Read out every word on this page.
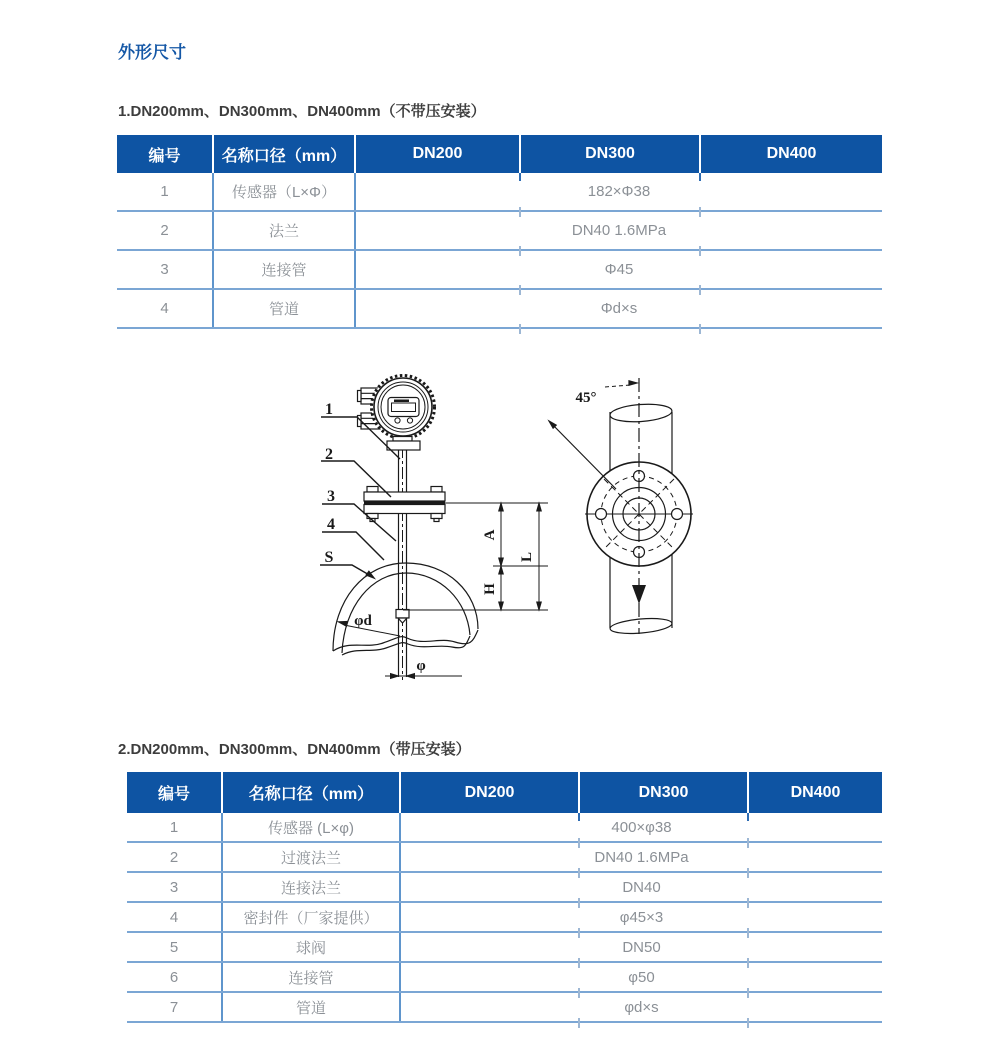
外形尺寸
1.DN200mm、DN300mm、DN400mm（不带压安装）
编号	名称口径（mm）	DN200	DN300	DN400
1	传感器（L×Φ）	182×Φ38		
2	法兰	DN40 1.6MPa		
3	连接管	Φ45		
4	管道	Φd×s		
1
2
3
4
S
45°
A
H
L
φd
φ
2.DN200mm、DN300mm、DN400mm（带压安装）
编号	名称口径（mm）	DN200	DN300	DN400
1	传感器 (L×φ)	400×φ38		
2	过渡法兰	DN40 1.6MPa		
3	连接法兰	DN40		
4	密封件（厂家提供）	φ45×3		
5	球阀	DN50		
6	连接管	φ50		
7	管道	φd×s		
